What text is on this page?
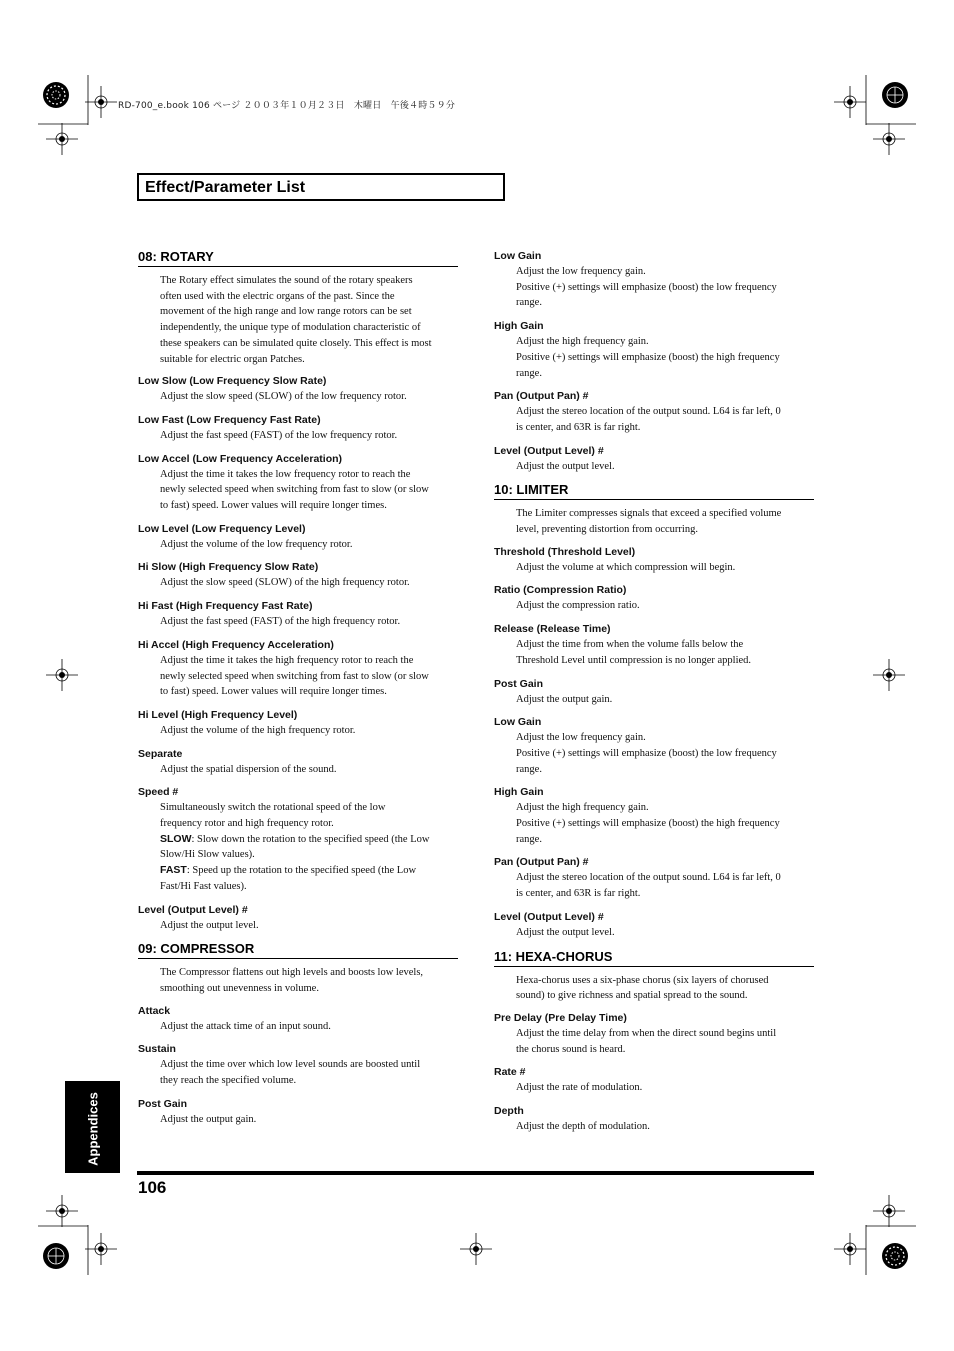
RD-700_e.book 106 ページ ２００３年１０月２３日　木曜日　午後４時５９分
Effect/Parameter List
08: ROTARY
The Rotary effect simulates the sound of the rotary speakers
often used with the electric organs of the past. Since the
movement of the high range and low range rotors can be set
independently, the unique type of modulation characteristic of
these speakers can be simulated quite closely. This effect is most
suitable for electric organ Patches.
Low Slow (Low Frequency Slow Rate)
Adjust the slow speed (SLOW) of the low frequency rotor.
Low Fast (Low Frequency Fast Rate)
Adjust the fast speed (FAST) of the low frequency rotor.
Low Accel (Low Frequency Acceleration)
Adjust the time it takes the low frequency rotor to reach the
newly selected speed when switching from fast to slow (or slow
to fast) speed. Lower values will require longer times.
Low Level (Low Frequency Level)
Adjust the volume of the low frequency rotor.
Hi Slow (High Frequency Slow Rate)
Adjust the slow speed (SLOW) of the high frequency rotor.
Hi Fast (High Frequency Fast Rate)
Adjust the fast speed (FAST) of the high frequency rotor.
Hi Accel (High Frequency Acceleration)
Adjust the time it takes the high frequency rotor to reach the
newly selected speed when switching from fast to slow (or slow
to fast) speed. Lower values will require longer times.
Hi Level (High Frequency Level)
Adjust the volume of the high frequency rotor.
Separate
Adjust the spatial dispersion of the sound.
Speed #
Simultaneously switch the rotational speed of the low
frequency rotor and high frequency rotor.
SLOW: Slow down the rotation to the specified speed (the Low
Slow/Hi Slow values).
FAST: Speed up the rotation to the specified speed (the Low
Fast/Hi Fast values).
Level (Output Level) #
Adjust the output level.
09: COMPRESSOR
The Compressor flattens out high levels and boosts low levels,
smoothing out unevenness in volume.
Attack
Adjust the attack time of an input sound.
Sustain
Adjust the time over which low level sounds are boosted until
they reach the specified volume.
Post Gain
Adjust the output gain.
Low Gain
Adjust the low frequency gain.
Positive (+) settings will emphasize (boost) the low frequency
range.
High Gain
Adjust the high frequency gain.
Positive (+) settings will emphasize (boost) the high frequency
range.
Pan (Output Pan) #
Adjust the stereo location of the output sound. L64 is far left, 0
is center, and 63R is far right.
Level (Output Level) #
Adjust the output level.
10: LIMITER
The Limiter compresses signals that exceed a specified volume
level, preventing distortion from occurring.
Threshold (Threshold Level)
Adjust the volume at which compression will begin.
Ratio (Compression Ratio)
Adjust the compression ratio.
Release (Release Time)
Adjust the time from when the volume falls below the
Threshold Level until compression is no longer applied.
Post Gain
Adjust the output gain.
Low Gain
Adjust the low frequency gain.
Positive (+) settings will emphasize (boost) the low frequency
range.
High Gain
Adjust the high frequency gain.
Positive (+) settings will emphasize (boost) the high frequency
range.
Pan (Output Pan) #
Adjust the stereo location of the output sound. L64 is far left, 0
is center, and 63R is far right.
Level (Output Level) #
Adjust the output level.
11: HEXA-CHORUS
Hexa-chorus uses a six-phase chorus (six layers of chorused
sound) to give richness and spatial spread to the sound.
Pre Delay (Pre Delay Time)
Adjust the time delay from when the direct sound begins until
the chorus sound is heard.
Rate #
Adjust the rate of modulation.
Depth
Adjust the depth of modulation.
Appendices
106
